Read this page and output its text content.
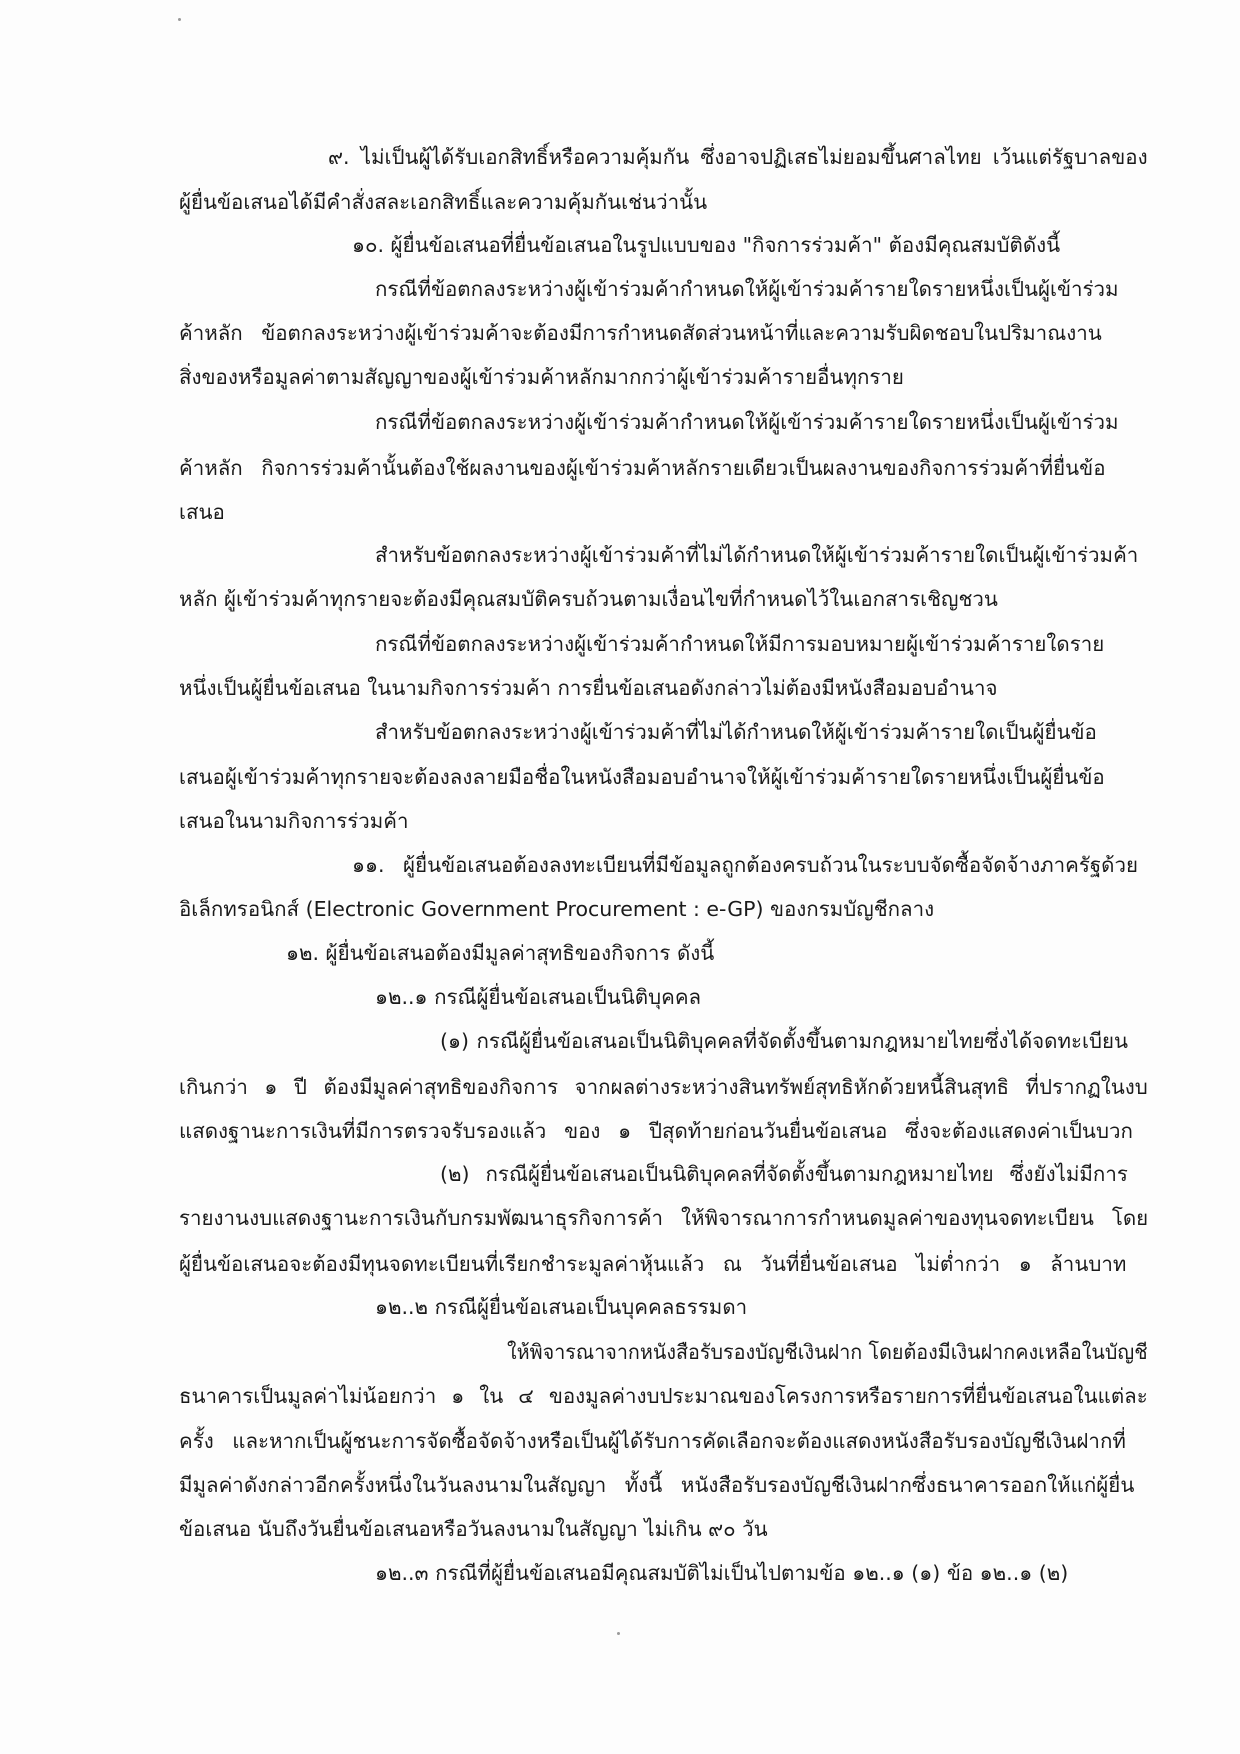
๙. ไม่เป็นผู้ได้รับเอกสิทธิ์หรือความคุ้มกัน ซึ่งอาจปฏิเสธไม่ยอมขึ้นศาลไทย เว้นแต่รัฐบาลของ

ผู้ยื่นข้อเสนอได้มีคำสั่งสละเอกสิทธิ์และความคุ้มกันเช่นว่านั้น

๑๐. ผู้ยื่นข้อเสนอที่ยื่นข้อเสนอในรูปแบบของ "กิจการร่วมค้า" ต้องมีคุณสมบัติดังนี้

กรณีที่ข้อตกลงระหว่างผู้เข้าร่วมค้ากำหนดให้ผู้เข้าร่วมค้ารายใดรายหนึ่งเป็นผู้เข้าร่วม

ค้าหลัก ข้อตกลงระหว่างผู้เข้าร่วมค้าจะต้องมีการกำหนดสัดส่วนหน้าที่และความรับผิดชอบในปริมาณงาน

สิ่งของหรือมูลค่าตามสัญญาของผู้เข้าร่วมค้าหลักมากกว่าผู้เข้าร่วมค้ารายอื่นทุกราย

กรณีที่ข้อตกลงระหว่างผู้เข้าร่วมค้ากำหนดให้ผู้เข้าร่วมค้ารายใดรายหนึ่งเป็นผู้เข้าร่วม

ค้าหลัก กิจการร่วมค้านั้นต้องใช้ผลงานของผู้เข้าร่วมค้าหลักรายเดียวเป็นผลงานของกิจการร่วมค้าที่ยื่นข้อ

เสนอ

สำหรับข้อตกลงระหว่างผู้เข้าร่วมค้าที่ไม่ได้กำหนดให้ผู้เข้าร่วมค้ารายใดเป็นผู้เข้าร่วมค้า

หลัก ผู้เข้าร่วมค้าทุกรายจะต้องมีคุณสมบัติครบถ้วนตามเงื่อนไขที่กำหนดไว้ในเอกสารเชิญชวน

กรณีที่ข้อตกลงระหว่างผู้เข้าร่วมค้ากำหนดให้มีการมอบหมายผู้เข้าร่วมค้ารายใดราย

หนึ่งเป็นผู้ยื่นข้อเสนอ ในนามกิจการร่วมค้า การยื่นข้อเสนอดังกล่าวไม่ต้องมีหนังสือมอบอำนาจ

สำหรับข้อตกลงระหว่างผู้เข้าร่วมค้าที่ไม่ได้กำหนดให้ผู้เข้าร่วมค้ารายใดเป็นผู้ยื่นข้อ

เสนอผู้เข้าร่วมค้าทุกรายจะต้องลงลายมือชื่อในหนังสือมอบอำนาจให้ผู้เข้าร่วมค้ารายใดรายหนึ่งเป็นผู้ยื่นข้อ

เสนอในนามกิจการร่วมค้า

๑๑. ผู้ยื่นข้อเสนอต้องลงทะเบียนที่มีข้อมูลถูกต้องครบถ้วนในระบบจัดซื้อจัดจ้างภาครัฐด้วย

อิเล็กทรอนิกส์ (Electronic Government Procurement : e-GP) ของกรมบัญชีกลาง

๑๒. ผู้ยื่นข้อเสนอต้องมีมูลค่าสุทธิของกิจการ ดังนี้

๑๒..๑ กรณีผู้ยื่นข้อเสนอเป็นนิติบุคคล

(๑) กรณีผู้ยื่นข้อเสนอเป็นนิติบุคคลที่จัดตั้งขึ้นตามกฎหมายไทยซึ่งได้จดทะเบียน

เกินกว่า ๑ ปี ต้องมีมูลค่าสุทธิของกิจการ จากผลต่างระหว่างสินทรัพย์สุทธิหักด้วยหนี้สินสุทธิ ที่ปรากฏในงบ

แสดงฐานะการเงินที่มีการตรวจรับรองแล้ว ของ ๑ ปีสุดท้ายก่อนวันยื่นข้อเสนอ ซึ่งจะต้องแสดงค่าเป็นบวก

(๒) กรณีผู้ยื่นข้อเสนอเป็นนิติบุคคลที่จัดตั้งขึ้นตามกฎหมายไทย ซึ่งยังไม่มีการ

รายงานงบแสดงฐานะการเงินกับกรมพัฒนาธุรกิจการค้า ให้พิจารณาการกำหนดมูลค่าของทุนจดทะเบียน โดย

ผู้ยื่นข้อเสนอจะต้องมีทุนจดทะเบียนที่เรียกชำระมูลค่าหุ้นแล้ว ณ วันที่ยื่นข้อเสนอ ไม่ต่ำกว่า ๑ ล้านบาท

๑๒..๒ กรณีผู้ยื่นข้อเสนอเป็นบุคคลธรรมดา

ให้พิจารณาจากหนังสือรับรองบัญชีเงินฝาก โดยต้องมีเงินฝากคงเหลือในบัญชี

ธนาคารเป็นมูลค่าไม่น้อยกว่า ๑ ใน ๔ ของมูลค่างบประมาณของโครงการหรือรายการที่ยื่นข้อเสนอในแต่ละ

ครั้ง และหากเป็นผู้ชนะการจัดซื้อจัดจ้างหรือเป็นผู้ได้รับการคัดเลือกจะต้องแสดงหนังสือรับรองบัญชีเงินฝากที่

มีมูลค่าดังกล่าวอีกครั้งหนึ่งในวันลงนามในสัญญา ทั้งนี้ หนังสือรับรองบัญชีเงินฝากซึ่งธนาคารออกให้แก่ผู้ยื่น

ข้อเสนอ นับถึงวันยื่นข้อเสนอหรือวันลงนามในสัญญา ไม่เกิน ๙๐ วัน

๑๒..๓ กรณีที่ผู้ยื่นข้อเสนอมีคุณสมบัติไม่เป็นไปตามข้อ ๑๒..๑ (๑) ข้อ ๑๒..๑ (๒)
